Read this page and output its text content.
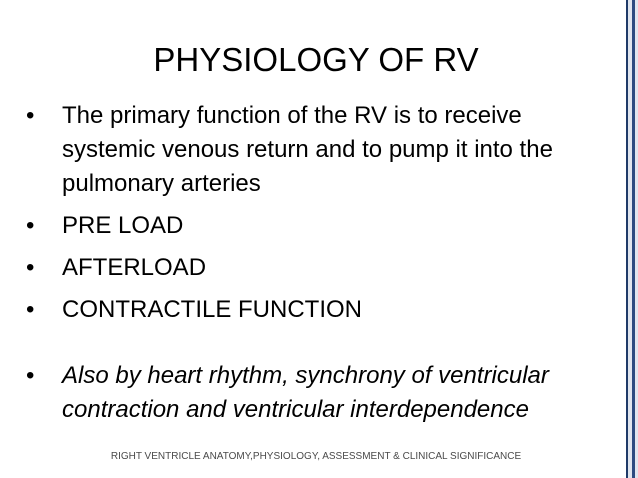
PHYSIOLOGY OF RV
• The primary function of the RV is to receive systemic venous return and to pump it into the pulmonary arteries
• PRE LOAD
• AFTERLOAD
• CONTRACTILE FUNCTION
• Also by heart rhythm, synchrony of ventricular contraction and ventricular interdependence
RIGHT VENTRICLE ANATOMY,PHYSIOLOGY, ASSESSMENT & CLINICAL SIGNIFICANCE
